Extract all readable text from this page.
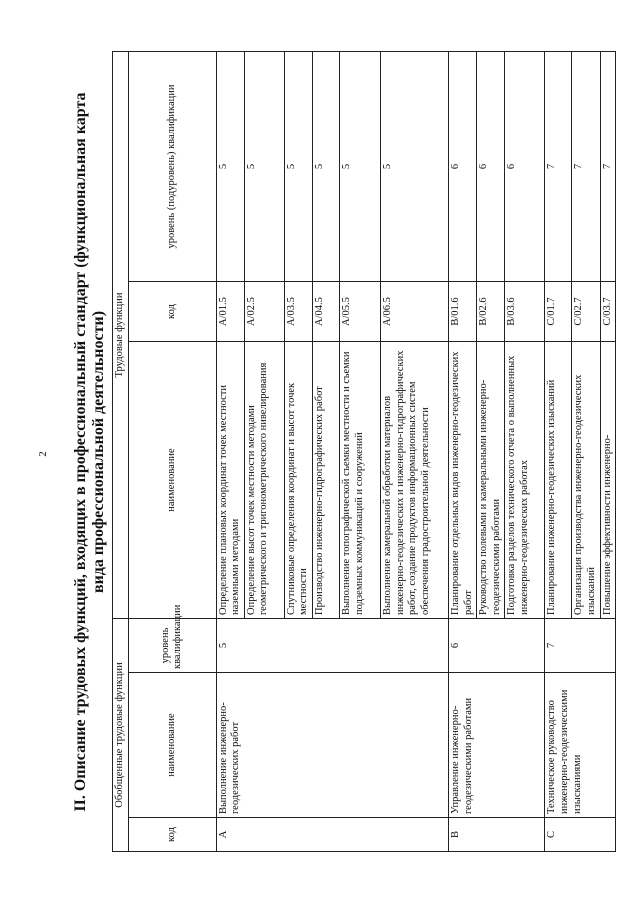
2 II. Описание трудовых функций, входящих в профессиональный стандарт (функциональная карта вида профессиональной деятельности)
Обобщенные трудовые функции			Трудовые функции		
код	наименование	уровень квалификации	наименование	код	уровень (подуровень) квалификации
A	Выполнение инженерно-геодезических работ	5	Определение плановых координат точек местности наземными методами	A/01.5	5
			Определение высот точек местности методами геометрического и тригонометрического нивелирования	A/02.5	5
			Спутниковые определения координат и высот точек местности	A/03.5	5
			Производство инженерно-гидрографических работ	A/04.5	5
			Выполнение топографической съемки местности и съемки подземных коммуникаций и сооружений	A/05.5	5
			Выполнение камеральной обработки материалов инженерно-геодезических и инженерно-гидрографических работ, создание продуктов информационных систем обеспечения градостроительной деятельности	A/06.5	5
B	Управление инженерно-геодезическими работами	6	Планирование отдельных видов инженерно-геодезических работ	B/01.6	6
			Руководство полевыми и камеральными инженерно-геодезическими работами	B/02.6	6
			Подготовка разделов технического отчета о выполненных инженерно-геодезических работах	B/03.6	6
C	Техническое руководство инженерно-геодезическими изысканиями	7	Планирование инженерно-геодезических изысканий	C/01.7	7
			Организация производства инженерно-геодезических изысканий	C/02.7	7
			Повышение эффективности инженерно-	C/03.7	7
